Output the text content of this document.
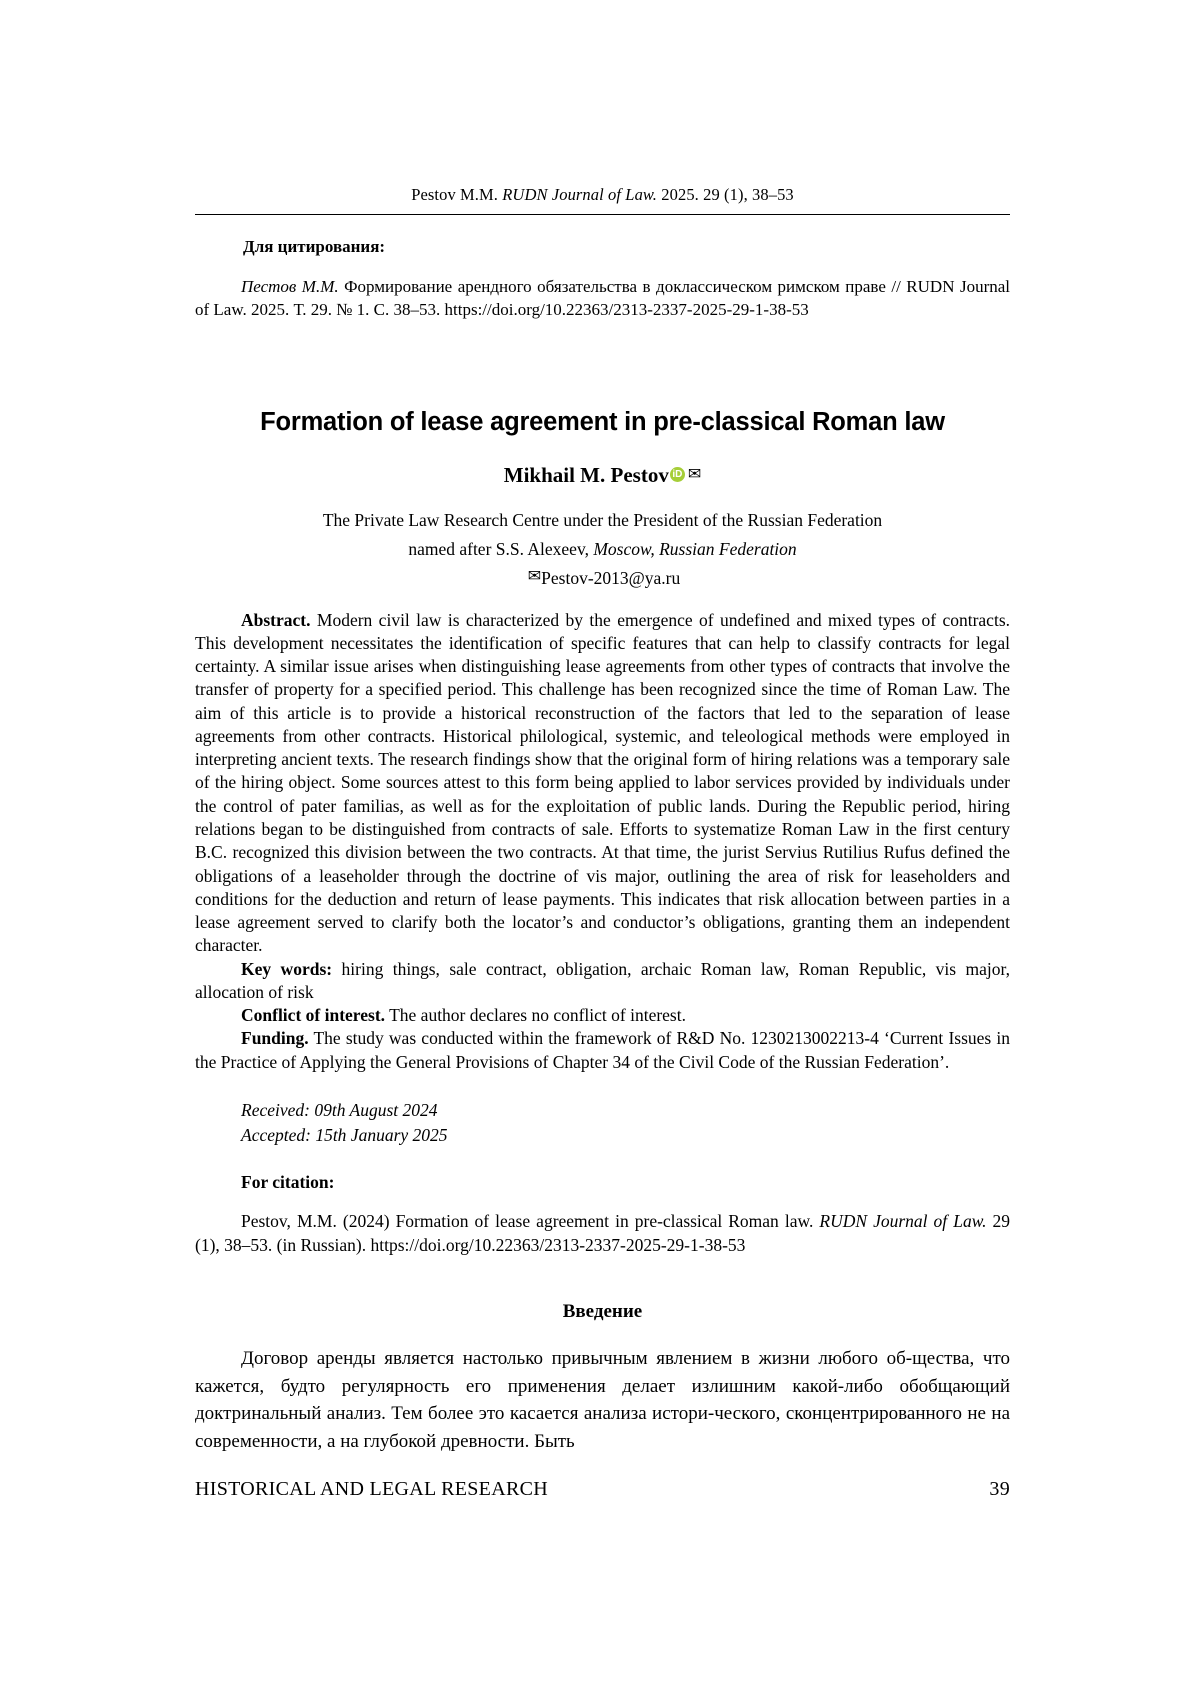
Pestov M.M. RUDN Journal of Law. 2025. 29 (1), 38–53
Для цитирования:
Пестов М.М. Формирование арендного обязательства в доклассическом римском праве // RUDN Journal of Law. 2025. Т. 29. № 1. С. 38–53. https://doi.org/10.22363/2313-2337-2025-29-1-38-53
Formation of lease agreement in pre-classical Roman law
Mikhail M. Pestov iD ✉
The Private Law Research Centre under the President of the Russian Federation
named after S.S. Alexeev, Moscow, Russian Federation
✉Pestov-2013@ya.ru
Abstract. Modern civil law is characterized by the emergence of undefined and mixed types of contracts. This development necessitates the identification of specific features that can help to classify contracts for legal certainty. A similar issue arises when distinguishing lease agreements from other types of contracts that involve the transfer of property for a specified period. This challenge has been recognized since the time of Roman Law. The aim of this article is to provide a historical reconstruction of the factors that led to the separation of lease agreements from other contracts. Historical philological, systemic, and teleological methods were employed in interpreting ancient texts. The research findings show that the original form of hiring relations was a temporary sale of the hiring object. Some sources attest to this form being applied to labor services provided by individuals under the control of pater familias, as well as for the exploitation of public lands. During the Republic period, hiring relations began to be distinguished from contracts of sale. Efforts to systematize Roman Law in the first century B.C. recognized this division between the two contracts. At that time, the jurist Servius Rutilius Rufus defined the obligations of a leaseholder through the doctrine of vis major, outlining the area of risk for leaseholders and conditions for the deduction and return of lease payments. This indicates that risk allocation between parties in a lease agreement served to clarify both the locator’s and conductor’s obligations, granting them an independent character.
Key words: hiring things, sale contract, obligation, archaic Roman law, Roman Republic, vis major, allocation of risk
Conflict of interest. The author declares no conflict of interest.
Funding. The study was conducted within the framework of R&D No. 1230213002213-4 ‘Current Issues in the Practice of Applying the General Provisions of Chapter 34 of the Civil Code of the Russian Federation’.
Received: 09th August 2024
Accepted: 15th January 2025
For citation:
Pestov, M.M. (2024) Formation of lease agreement in pre-classical Roman law. RUDN Journal of Law. 29 (1), 38–53. (in Russian). https://doi.org/10.22363/2313-2337-2025-29-1-38-53
Введение
Договор аренды является настолько привычным явлением в жизни любого об-щества, что кажется, будто регулярность его применения делает излишним какой-либо обобщающий доктринальный анализ. Тем более это касается анализа истори-ческого, сконцентрированного не на современности, а на глубокой древности. Быть
HISTORICAL AND LEGAL RESEARCH	39
